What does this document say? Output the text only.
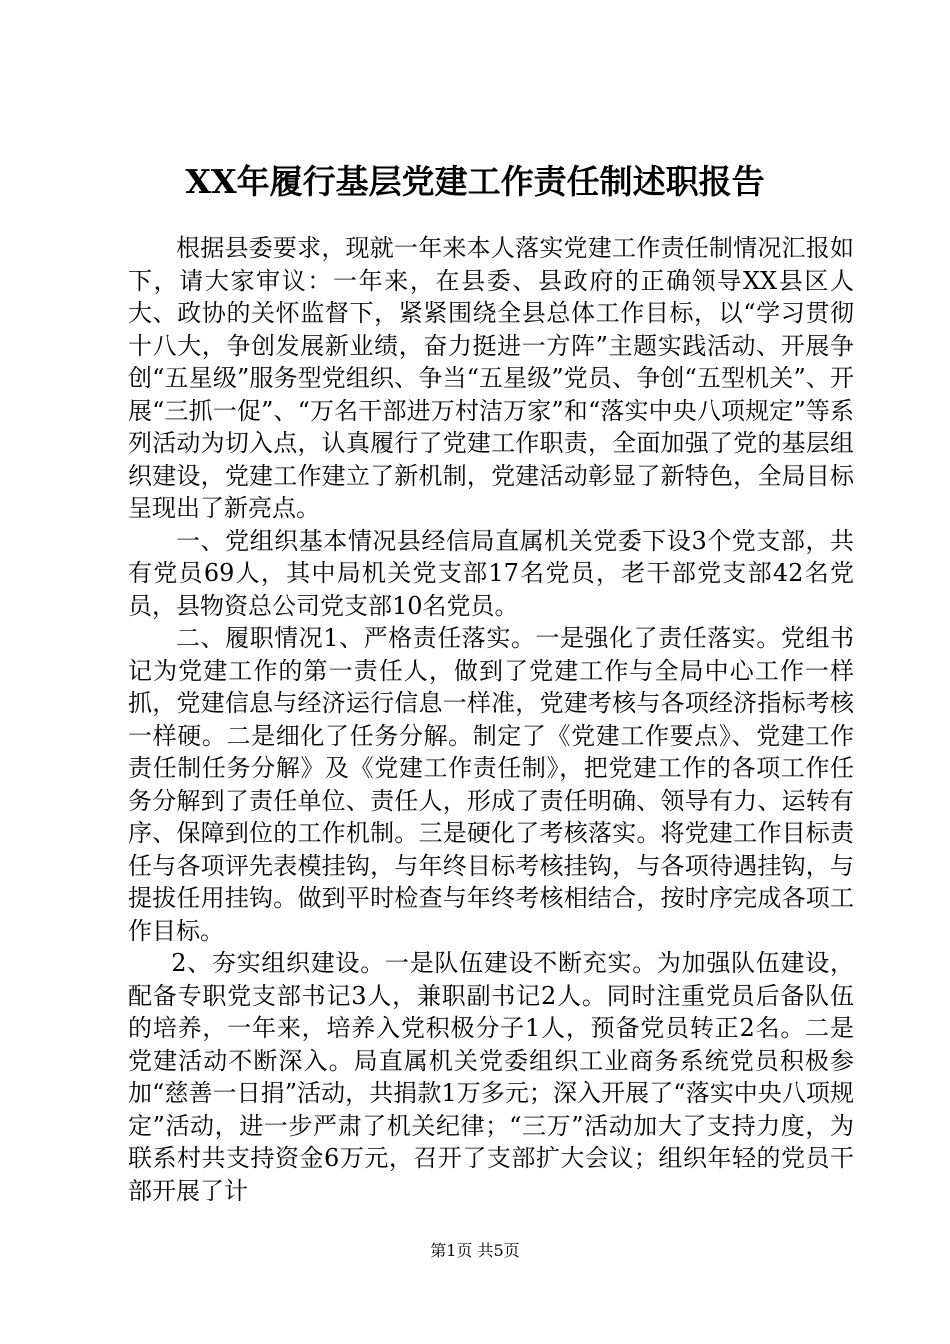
XX年履行基层党建工作责任制述职报告

根据县委要求，现就一年来本人落实党建工作责任制情况汇报如下，请大家审议：一年来，在县委、县政府的正确领导XX县区人大、政协的关怀监督下，紧紧围绕全县总体工作目标，以“学习贯彻十八大，争创发展新业绩，奋力挺进一方阵”主题实践活动、开展争创“五星级”服务型党组织、争当“五星级”党员、争创“五型机关”、开展“三抓一促”、“万名干部进万村洁万家”和“落实中央八项规定”等系列活动为切入点，认真履行了党建工作职责，全面加强了党的基层组织建设，党建工作建立了新机制，党建活动彰显了新特色，全局目标呈现出了新亮点。

一、党组织基本情况县经信局直属机关党委下设3个党支部，共有党员69人，其中局机关党支部17名党员，老干部党支部42名党员，县物资总公司党支部10名党员。

二、履职情况1、严格责任落实。一是强化了责任落实。党组书记为党建工作的第一责任人，做到了党建工作与全局中心工作一样抓，党建信息与经济运行信息一样准，党建考核与各项经济指标考核一样硬。二是细化了任务分解。制定了《党建工作要点》、党建工作责任制任务分解》及《党建工作责任制》，把党建工作的各项工作任务分解到了责任单位、责任人，形成了责任明确、领导有力、运转有序、保障到位的工作机制。三是硬化了考核落实。将党建工作目标责任与各项评先表模挂钩，与年终目标考核挂钩，与各项待遇挂钩，与提拔任用挂钩。做到平时检查与年终考核相结合，按时序完成各项工作目标。

2、夯实组织建设。一是队伍建设不断充实。为加强队伍建设，配备专职党支部书记3人，兼职副书记2人。同时注重党员后备队伍的培养，一年来，培养入党积极分子1人，预备党员转正2名。二是党建活动不断深入。局直属机关党委组织工业商务系统党员积极参加“慈善一日捐”活动，共捐款1万多元；深入开展了“落实中央八项规定”活动，进一步严肃了机关纪律；“三万”活动加大了支持力度，为联系村共支持资金6万元，召开了支部扩大会议；组织年轻的党员干部开展了计

第1页 共5页
